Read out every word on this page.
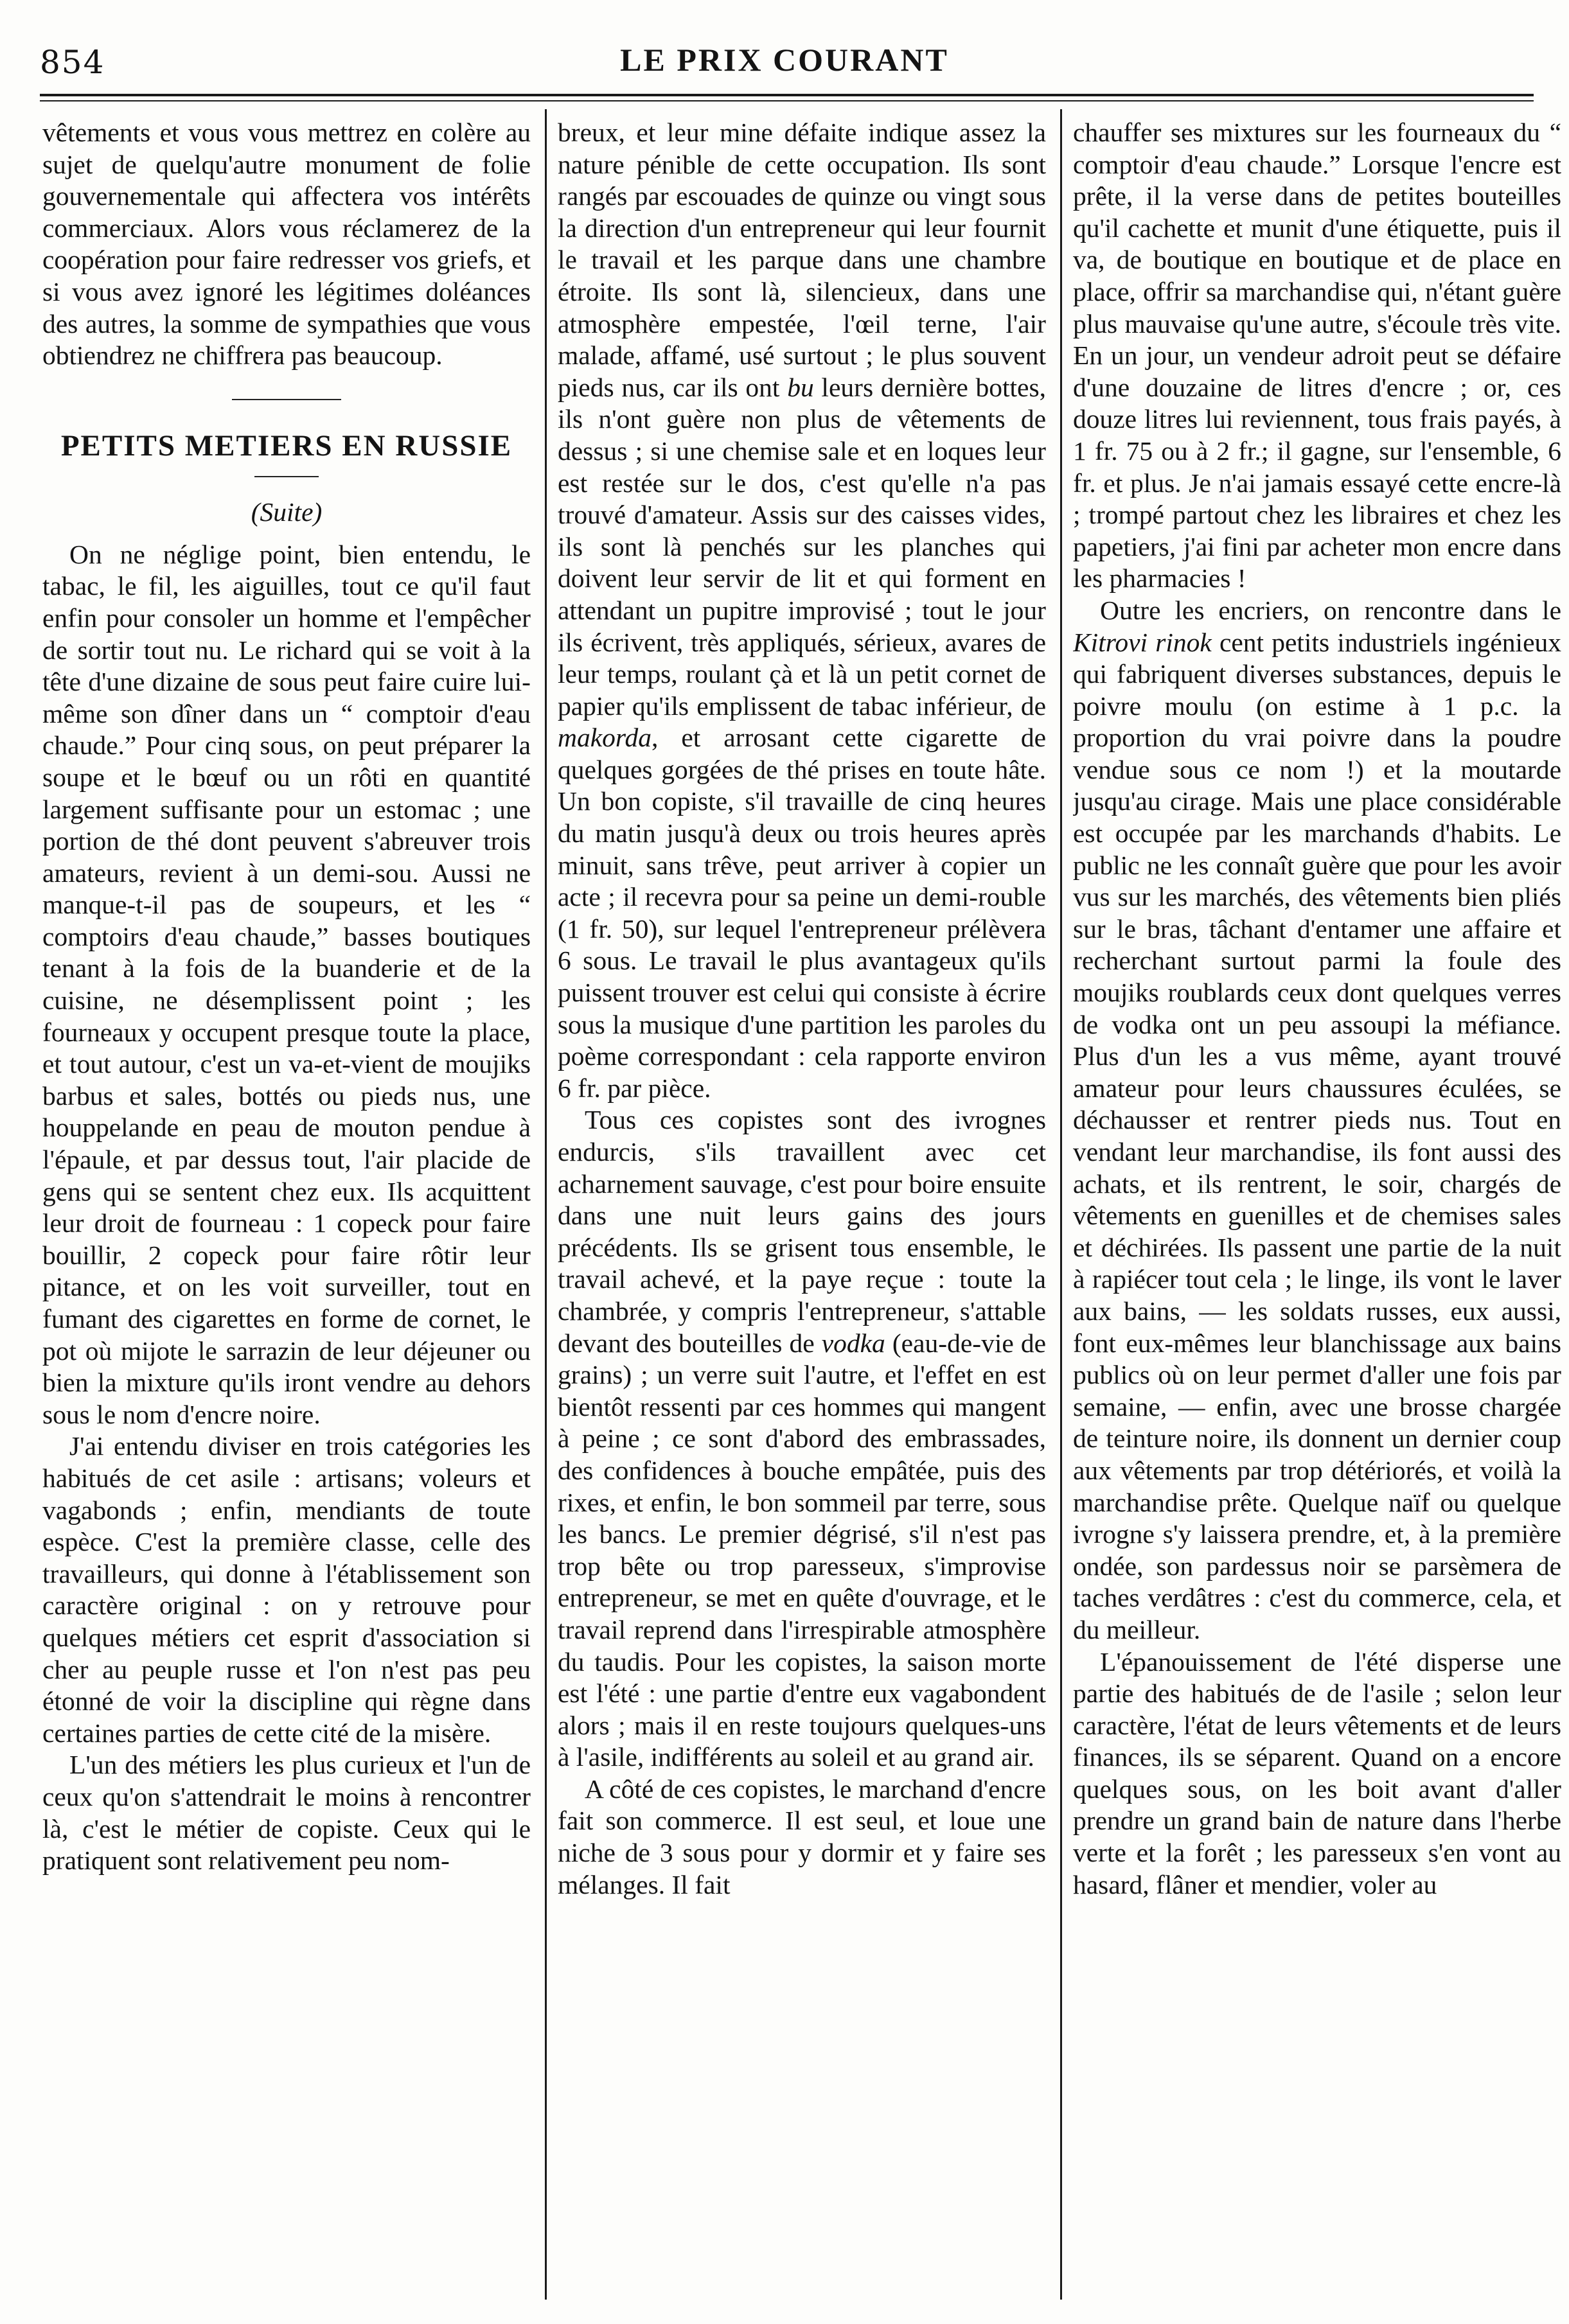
854	LE PRIX COURANT

vêtements et vous vous mettrez en colère au sujet de quelqu'autre monument de folie gouvernementale qui affectera vos intérêts commerciaux. Alors vous réclamerez de la coopération pour faire redresser vos griefs, et si vous avez ignoré les légitimes doléances des autres, la somme de sympathies que vous obtiendrez ne chiffrera pas beaucoup.

PETITS METIERS EN RUSSIE
(Suite)

On ne néglige point, bien entendu, le tabac, le fil, les aiguilles, tout ce qu'il faut enfin pour consoler un homme et l'empêcher de sortir tout nu. Le richard qui se voit à la tête d'une dizaine de sous peut faire cuire lui-même son dîner dans un “ comptoir d'eau chaude.” Pour cinq sous, on peut préparer la soupe et le bœuf ou un rôti en quantité largement suffisante pour un estomac ; une portion de thé dont peuvent s'abreuver trois amateurs, revient à un demi-sou. Aussi ne manque-t-il pas de soupeurs, et les “ comptoirs d'eau chaude,” basses boutiques tenant à la fois de la buanderie et de la cuisine, ne désemplissent point ; les fourneaux y occupent presque toute la place, et tout autour, c'est un va-et-vient de moujiks barbus et sales, bottés ou pieds nus, une houppelande en peau de mouton pendue à l'épaule, et par dessus tout, l'air placide de gens qui se sentent chez eux. Ils acquittent leur droit de fourneau : 1 copeck pour faire bouillir, 2 copeck pour faire rôtir leur pitance, et on les voit surveiller, tout en fumant des cigarettes en forme de cornet, le pot où mijote le sarrazin de leur déjeuner ou bien la mixture qu'ils iront vendre au dehors sous le nom d'encre noire.

J'ai entendu diviser en trois catégories les habitués de cet asile : artisans; voleurs et vagabonds ; enfin, mendiants de toute espèce. C'est la première classe, celle des travailleurs, qui donne à l'établissement son caractère original : on y retrouve pour quelques métiers cet esprit d'association si cher au peuple russe et l'on n'est pas peu étonné de voir la discipline qui règne dans certaines parties de cette cité de la misère.

L'un des métiers les plus curieux et l'un de ceux qu'on s'attendrait le moins à rencontrer là, c'est le métier de copiste. Ceux qui le pratiquent sont relativement peu nom-

breux, et leur mine défaite indique assez la nature pénible de cette occupation. Ils sont rangés par escouades de quinze ou vingt sous la direction d'un entrepreneur qui leur fournit le travail et les parque dans une chambre étroite. Ils sont là, silencieux, dans une atmosphère empestée, l'œil terne, l'air malade, affamé, usé surtout ; le plus souvent pieds nus, car ils ont bu leurs dernière bottes, ils n'ont guère non plus de vêtements de dessus ; si une chemise sale et en loques leur est restée sur le dos, c'est qu'elle n'a pas trouvé d'amateur. Assis sur des caisses vides, ils sont là penchés sur les planches qui doivent leur servir de lit et qui forment en attendant un pupitre improvisé ; tout le jour ils écrivent, très appliqués, sérieux, avares de leur temps, roulant çà et là un petit cornet de papier qu'ils emplissent de tabac inférieur, de makorda, et arrosant cette cigarette de quelques gorgées de thé prises en toute hâte. Un bon copiste, s'il travaille de cinq heures du matin jusqu'à deux ou trois heures après minuit, sans trêve, peut arriver à copier un acte ; il recevra pour sa peine un demi-rouble (1 fr. 50), sur lequel l'entrepreneur prélèvera 6 sous. Le travail le plus avantageux qu'ils puissent trouver est celui qui consiste à écrire sous la musique d'une partition les paroles du poème correspondant : cela rapporte environ 6 fr. par pièce.

Tous ces copistes sont des ivrognes endurcis, s'ils travaillent avec cet acharnement sauvage, c'est pour boire ensuite dans une nuit leurs gains des jours précédents. Ils se grisent tous ensemble, le travail achevé, et la paye reçue : toute la chambrée, y compris l'entrepreneur, s'attable devant des bouteilles de vodka (eau-de-vie de grains) ; un verre suit l'autre, et l'effet en est bientôt ressenti par ces hommes qui mangent à peine ; ce sont d'abord des embrassades, des confidences à bouche empâtée, puis des rixes, et enfin, le bon sommeil par terre, sous les bancs. Le premier dégrisé, s'il n'est pas trop bête ou trop paresseux, s'improvise entrepreneur, se met en quête d'ouvrage, et le travail reprend dans l'irrespirable atmosphère du taudis. Pour les copistes, la saison morte est l'été : une partie d'entre eux vagabondent alors ; mais il en reste toujours quelques-uns à l'asile, indifférents au soleil et au grand air.

A côté de ces copistes, le marchand d'encre fait son commerce. Il est seul, et loue une niche de 3 sous pour y dormir et y faire ses mélanges. Il fait

chauffer ses mixtures sur les fourneaux du “ comptoir d'eau chaude.” Lorsque l'encre est prête, il la verse dans de petites bouteilles qu'il cachette et munit d'une étiquette, puis il va, de boutique en boutique et de place en place, offrir sa marchandise qui, n'étant guère plus mauvaise qu'une autre, s'écoule très vite. En un jour, un vendeur adroit peut se défaire d'une douzaine de litres d'encre ; or, ces douze litres lui reviennent, tous frais payés, à 1 fr. 75 ou à 2 fr.; il gagne, sur l'ensemble, 6 fr. et plus. Je n'ai jamais essayé cette encre-là ; trompé partout chez les libraires et chez les papetiers, j'ai fini par acheter mon encre dans les pharmacies !

Outre les encriers, on rencontre dans le Kitrovi rinok cent petits industriels ingénieux qui fabriquent diverses substances, depuis le poivre moulu (on estime à 1 p.c. la proportion du vrai poivre dans la poudre vendue sous ce nom !) et la moutarde jusqu'au cirage. Mais une place considérable est occupée par les marchands d'habits. Le public ne les connaît guère que pour les avoir vus sur les marchés, des vêtements bien pliés sur le bras, tâchant d'entamer une affaire et recherchant surtout parmi la foule des moujiks roublards ceux dont quelques verres de vodka ont un peu assoupi la méfiance. Plus d'un les a vus même, ayant trouvé amateur pour leurs chaussures éculées, se déchausser et rentrer pieds nus. Tout en vendant leur marchandise, ils font aussi des achats, et ils rentrent, le soir, chargés de vêtements en guenilles et de chemises sales et déchirées. Ils passent une partie de la nuit à rapiécer tout cela ; le linge, ils vont le laver aux bains, — les soldats russes, eux aussi, font eux-mêmes leur blanchissage aux bains publics où on leur permet d'aller une fois par semaine, — enfin, avec une brosse chargée de teinture noire, ils donnent un dernier coup aux vêtements par trop détériorés, et voilà la marchandise prête. Quelque naïf ou quelque ivrogne s'y laissera prendre, et, à la première ondée, son pardessus noir se parsèmera de taches verdâtres : c'est du commerce, cela, et du meilleur.

L'épanouissement de l'été disperse une partie des habitués de de l'asile ; selon leur caractère, l'état de leurs vêtements et de leurs finances, ils se séparent. Quand on a encore quelques sous, on les boit avant d'aller prendre un grand bain de nature dans l'herbe verte et la forêt ; les paresseux s'en vont au hasard, flâner et mendier, voler au
